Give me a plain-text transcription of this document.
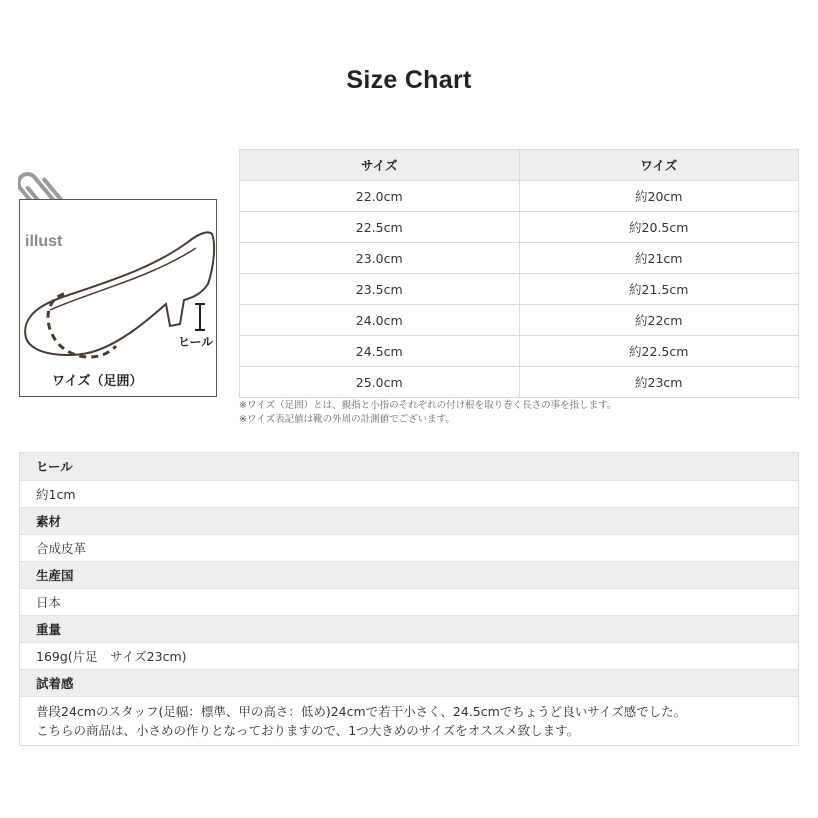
Size Chart
illust
ヒール
ワイズ（足囲）
サイズ	ワイズ
22.0cm	約20cm
22.5cm	約20.5cm
23.0cm	約21cm
23.5cm	約21.5cm
24.0cm	約22cm
24.5cm	約22.5cm
25.0cm	約23cm
※ワイズ（足囲）とは、親指と小指のそれぞれの付け根を取り巻く長さの事を指します。
※ワイズ表記値は靴の外周の計測値でございます。
ヒール
約1cm
素材
合成皮革
生産国
日本
重量
169g(片足　サイズ23cm)
試着感
普段24cmのスタッフ(足幅：標準、甲の高さ：低め)24cmで若干小さく、24.5cmでちょうど良いサイズ感でした。
こちらの商品は、小さめの作りとなっておりますので、1つ大きめのサイズをオススメ致します。
